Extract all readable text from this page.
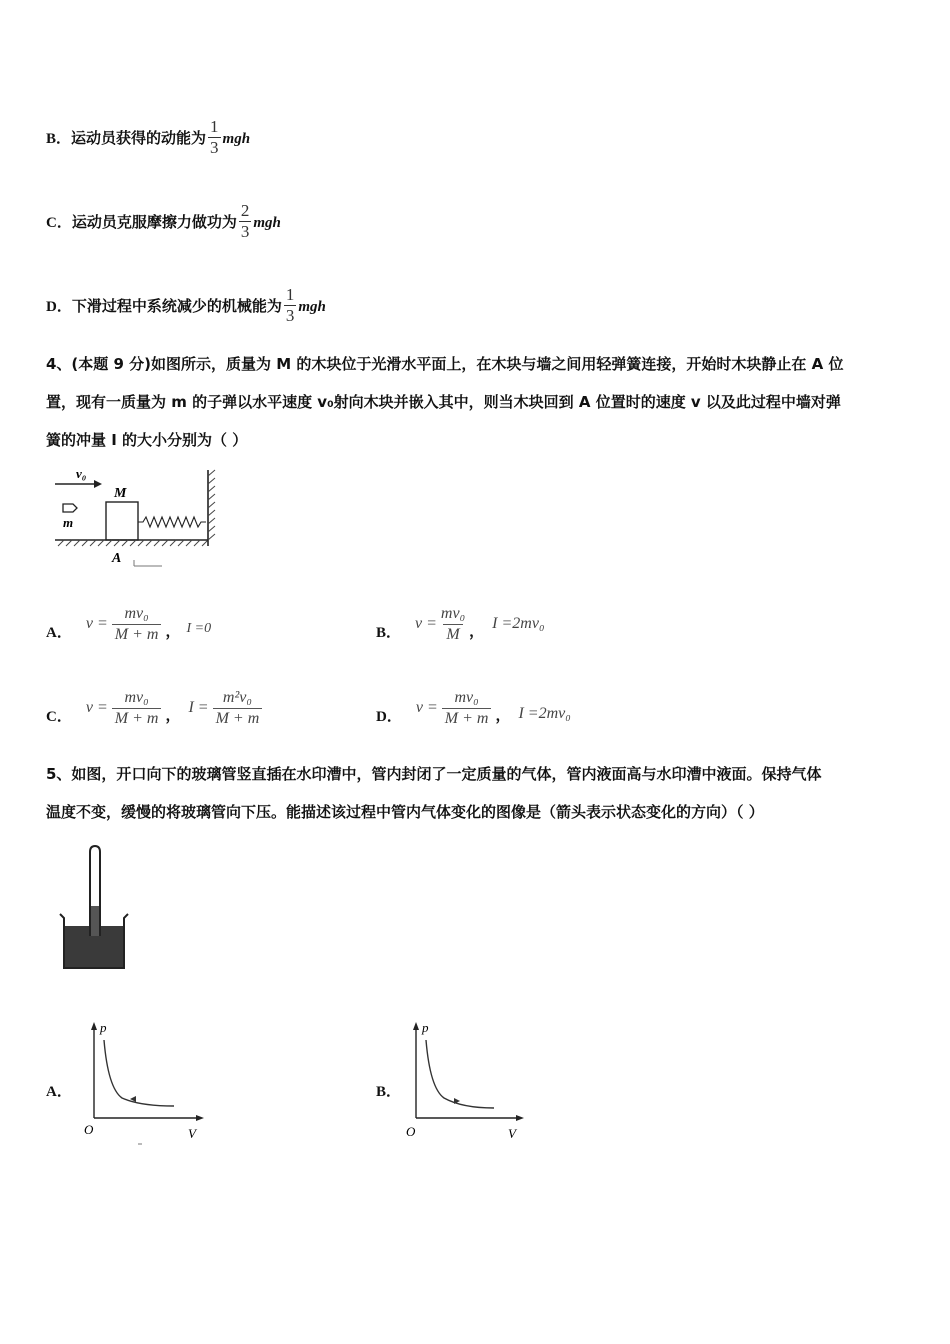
B． 运动员获得的动能为 $\frac{1}{3}$ mgh
C． 运动员克服摩擦力做功为 $\frac{2}{3}$ mgh
D． 下滑过程中系统减少的机械能为 $\frac{1}{3}$ mgh
4、(本题 9 分)如图所示，质量为 M 的木块位于光滑水平面上，在木块与墙之间用轻弹簧连接，开始时木块静止在 A 位
置，现有一质量为 m 的子弹以水平速度 v₀射向木块并嵌入其中，则当木块回到 A 位置时的速度 v 以及此过程中墙对弹
簧的冲量 I 的大小分别为（ ）
v₀
m
M
A
A．
$v = \frac{\text{mv₀}}{M + m}$ ， I =0	B．
$v = \frac{\text{mv₀}}{M}$ ， I =2mv₀
C．
$v = \frac{\text{mv₀}}{M + m}$ ， $I = \frac{\text{m²v₀}}{M + m}$	D．
$v = \frac{\text{mv₀}}{M + m}$ ， I =2mv₀
5、如图，开口向下的玻璃管竖直插在水印漕中，管内封闭了一定质量的气体，管内液面高与水印漕中液面。保持气体
温度不变，缓慢的将玻璃管向下压。能描述该过程中管内气体变化的图像是（箭头表示状态变化的方向）（ ）
A．
p
O	V
B．
p
O	V
